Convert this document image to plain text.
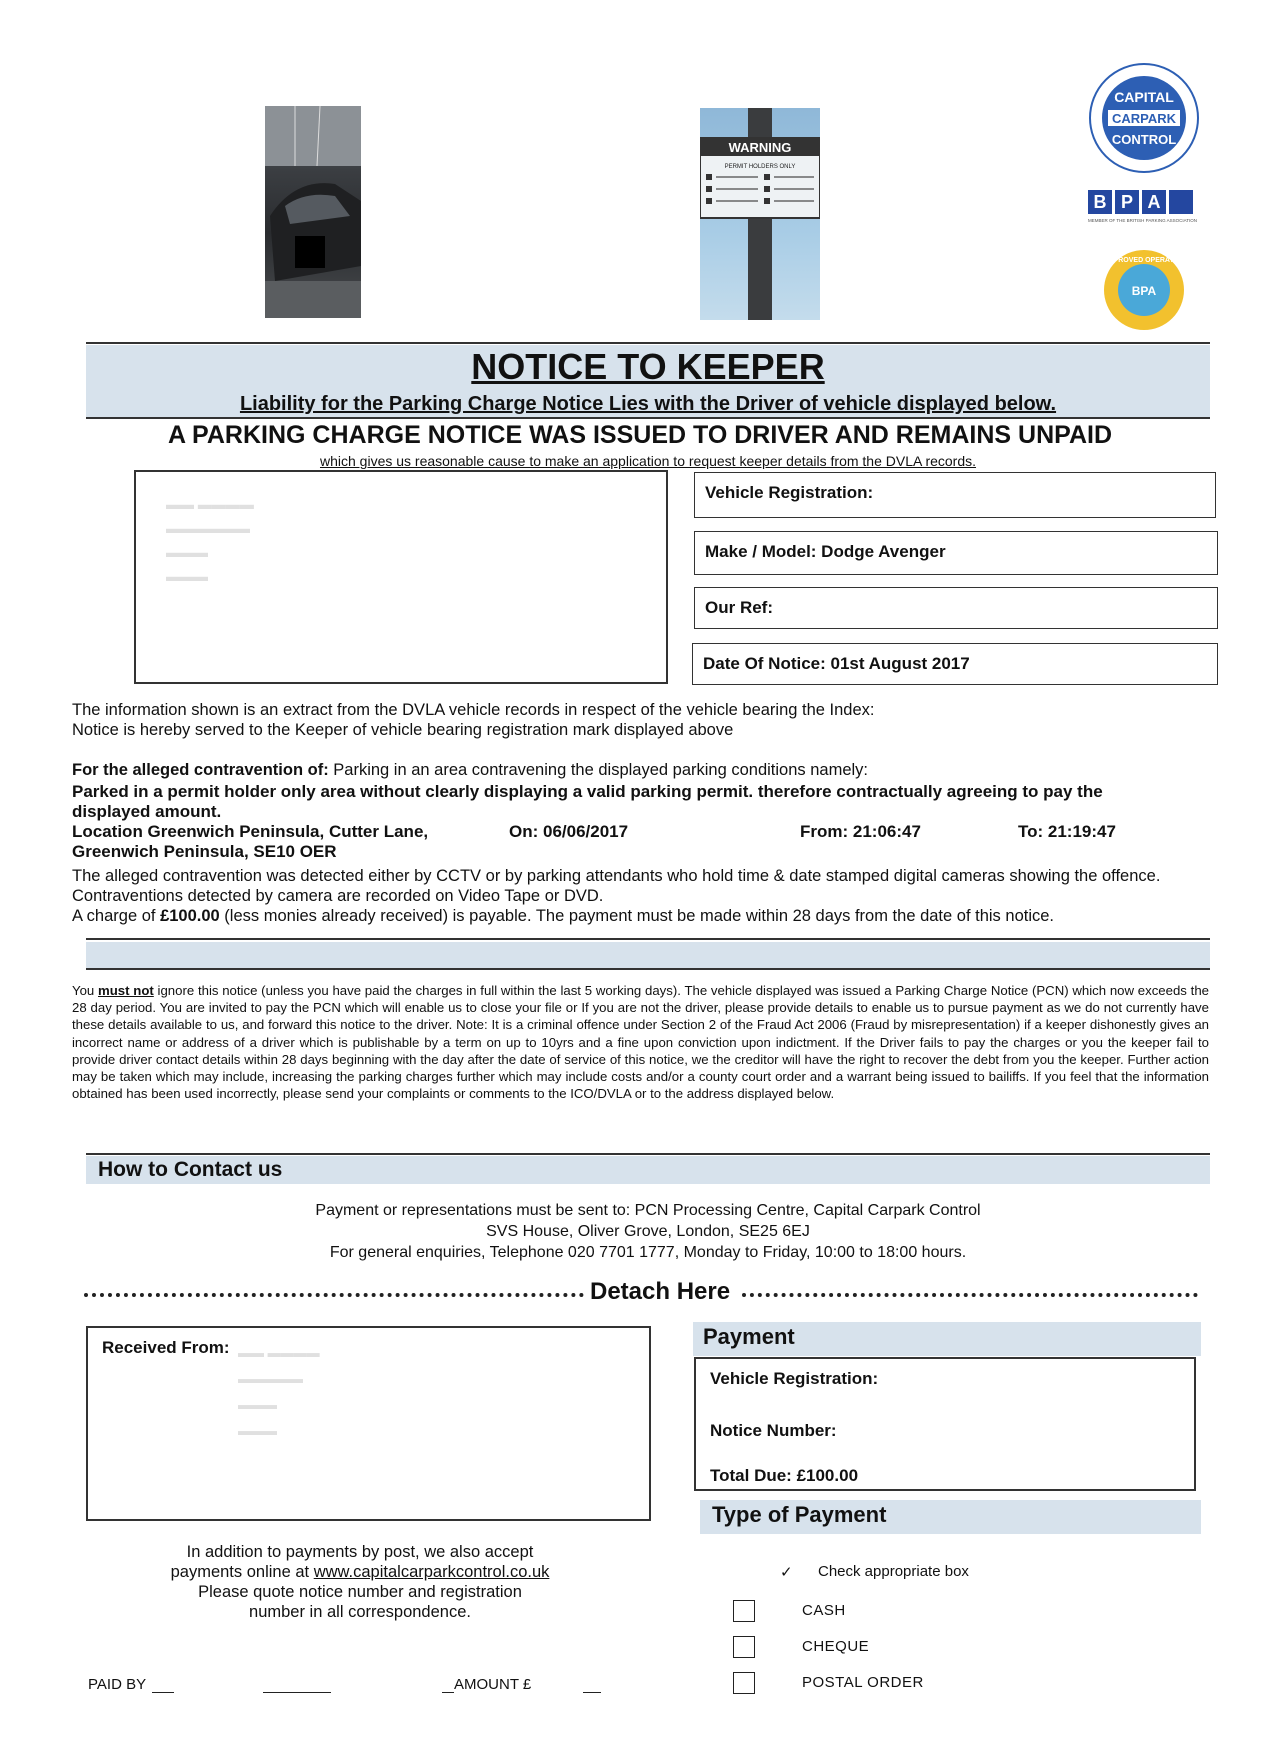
WARNING
PERMIT HOLDERS ONLY
CAPITAL
CARPARK
CONTROL
B P A
MEMBER OF THE BRITISH PARKING ASSOCIATION
APPROVED OPERATOR
BPA
NOTICE TO KEEPER
Liability for the Parking Charge Notice Lies with the Driver of vehicle displayed below.
A PARKING CHARGE NOTICE WAS ISSUED TO DRIVER AND REMAINS UNPAID
which gives us reasonable cause to make an application to request keeper details from the DVLA records.
▬▬ ▬▬▬▬
▬▬▬▬▬▬
▬▬▬
▬▬▬
Vehicle Registration:
Make / Model: Dodge Avenger
Our Ref:
Date Of Notice: 01st August 2017
The information shown is an extract from the DVLA vehicle records in respect of the vehicle bearing the Index:
Notice is hereby served to the Keeper of vehicle bearing registration mark displayed above
For the alleged contravention of: Parking in an area contravening the displayed parking conditions namely:
Parked in a permit holder only area without clearly displaying a valid parking permit. therefore contractually agreeing to pay the displayed amount.
Location Greenwich Peninsula, Cutter Lane,
Greenwich Peninsula, SE10 OER
On: 06/06/2017	From: 21:06:47	To: 21:19:47
The alleged contravention was detected either by CCTV or by parking attendants who hold time & date stamped digital cameras showing the offence. Contraventions detected by camera are recorded on Video Tape or DVD.
A charge of £100.00 (less monies already received) is payable. The payment must be made within 28 days from the date of this notice.
You must not ignore this notice (unless you have paid the charges in full within the last 5 working days). The vehicle displayed was issued a Parking Charge Notice (PCN) which now exceeds the 28 day period. You are invited to pay the PCN which will enable us to close your file or If you are not the driver, please provide details to enable us to pursue payment as we do not currently have these details available to us, and forward this notice to the driver. Note: It is a criminal offence under Section 2 of the Fraud Act 2006 (Fraud by misrepresentation) if a keeper dishonestly gives an incorrect name or address of a driver which is publishable by a term on up to 10yrs and a fine upon conviction upon indictment. If the Driver fails to pay the charges or you the keeper fail to provide driver contact details within 28 days beginning with the day after the date of service of this notice, we the creditor will have the right to recover the debt from you the keeper. Further action may be taken which may include, increasing the parking charges further which may include costs and/or a county court order and a warrant being issued to bailiffs. If you feel that the information obtained has been used incorrectly, please send your complaints or comments to the ICO/DVLA or to the address displayed below.
How to Contact us
Payment or representations must be sent to: PCN Processing Centre, Capital Carpark Control
SVS House, Oliver Grove, London, SE25 6EJ
For general enquiries, Telephone 020 7701 1777, Monday to Friday, 10:00 to 18:00 hours.
Detach Here
Received From: ▬▬ ▬▬▬▬
▬▬▬▬▬
▬▬▬
▬▬▬
Payment
Vehicle Registration:
Notice Number:
Total Due: £100.00
Type of Payment
In addition to payments by post, we also accept
payments online at www.capitalcarparkcontrol.co.uk
Please quote notice number and registration
number in all correspondence.
✓ Check appropriate box
CASH
CHEQUE
POSTAL ORDER
PAID BY	AMOUNT £
